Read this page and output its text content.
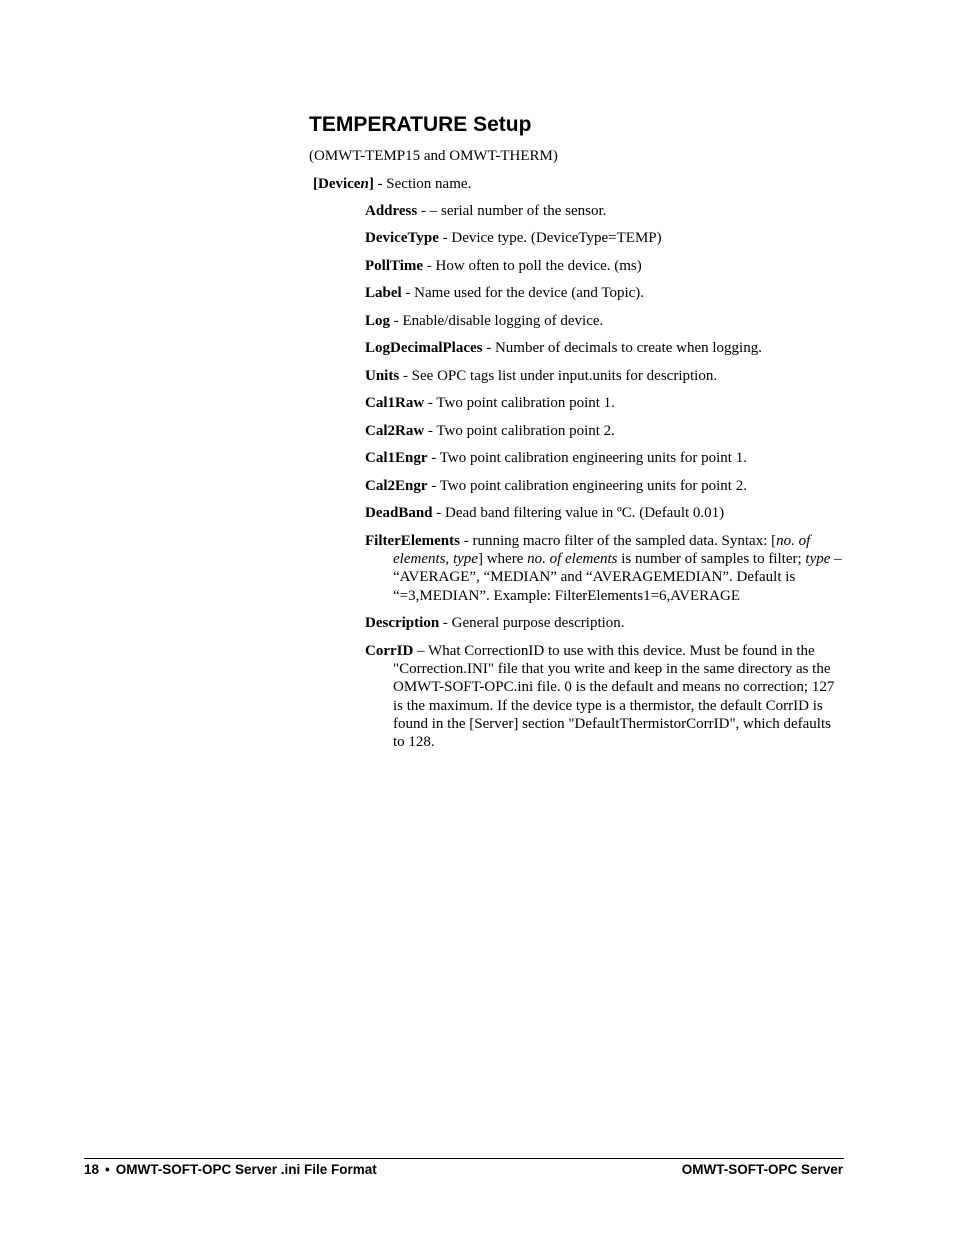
TEMPERATURE Setup
(OMWT-TEMP15 and OMWT-THERM)
[Devicen] - Section name.
Address - – serial number of the sensor.
DeviceType - Device type. (DeviceType=TEMP)
PollTime - How often to poll the device. (ms)
Label - Name used for the device (and Topic).
Log - Enable/disable logging of device.
LogDecimalPlaces - Number of decimals to create when logging.
Units - See OPC tags list under input.units for description.
Cal1Raw - Two point calibration point 1.
Cal2Raw - Two point calibration point 2.
Cal1Engr - Two point calibration engineering units for point 1.
Cal2Engr - Two point calibration engineering units for point 2.
DeadBand - Dead band filtering value in ºC. (Default 0.01)
FilterElements - running macro filter of the sampled data. Syntax: [no. of elements, type] where no. of elements is number of samples to filter; type – “AVERAGE”, “MEDIAN” and “AVERAGEMEDIAN”. Default is “=3,MEDIAN”. Example: FilterElements1=6,AVERAGE
Description - General purpose description.
CorrID – What CorrectionID to use with this device. Must be found in the "Correction.INI" file that you write and keep in the same directory as the OMWT-SOFT-OPC.ini file. 0 is the default and means no correction; 127 is the maximum. If the device type is a thermistor, the default CorrID is found in the [Server] section "DefaultThermistorCorrID", which defaults to 128.
18 • OMWT-SOFT-OPC Server .ini File Format	OMWT-SOFT-OPC Server
